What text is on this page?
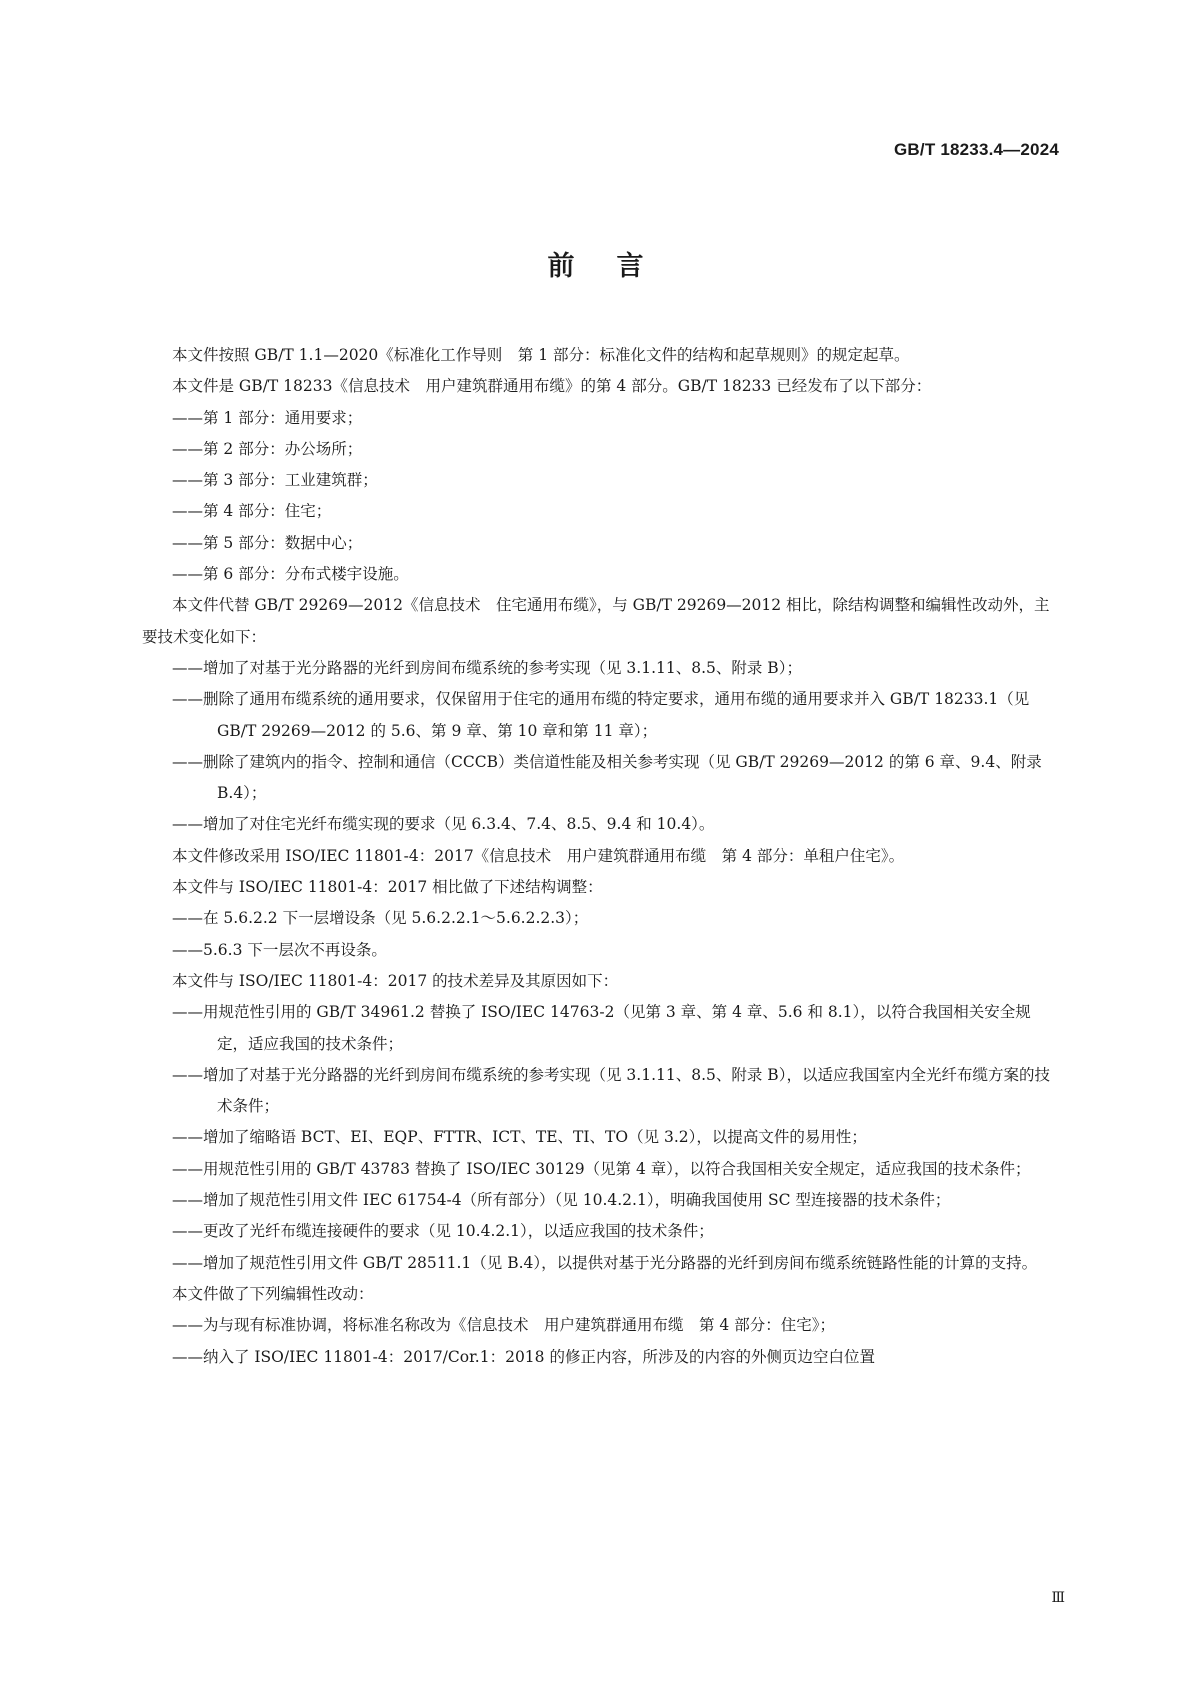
GB/T 18233.4—2024
前言
本文件按照 GB/T 1.1—2020《标准化工作导则　第 1 部分：标准化文件的结构和起草规则》的规定起草。
本文件是 GB/T 18233《信息技术　用户建筑群通用布缆》的第 4 部分。GB/T 18233 已经发布了以下部分：
——第 1 部分：通用要求；
——第 2 部分：办公场所；
——第 3 部分：工业建筑群；
——第 4 部分：住宅；
——第 5 部分：数据中心；
——第 6 部分：分布式楼宇设施。
本文件代替 GB/T 29269—2012《信息技术　住宅通用布缆》，与 GB/T 29269—2012 相比，除结构调整和编辑性改动外，主要技术变化如下：
——增加了对基于光分路器的光纤到房间布缆系统的参考实现（见 3.1.11、8.5、附录 B）；
——删除了通用布缆系统的通用要求，仅保留用于住宅的通用布缆的特定要求，通用布缆的通用要求并入 GB/T 18233.1（见 GB/T 29269—2012 的 5.6、第 9 章、第 10 章和第 11 章）；
——删除了建筑内的指令、控制和通信（CCCB）类信道性能及相关参考实现（见 GB/T 29269—2012 的第 6 章、9.4、附录 B.4）；
——增加了对住宅光纤布缆实现的要求（见 6.3.4、7.4、8.5、9.4 和 10.4）。
本文件修改采用 ISO/IEC 11801-4：2017《信息技术　用户建筑群通用布缆　第 4 部分：单租户住宅》。
本文件与 ISO/IEC 11801-4：2017 相比做了下述结构调整：
——在 5.6.2.2 下一层增设条（见 5.6.2.2.1～5.6.2.2.3）；
——5.6.3 下一层次不再设条。
本文件与 ISO/IEC 11801-4：2017 的技术差异及其原因如下：
——用规范性引用的 GB/T 34961.2 替换了 ISO/IEC 14763-2（见第 3 章、第 4 章、5.6 和 8.1），以符合我国相关安全规定，适应我国的技术条件；
——增加了对基于光分路器的光纤到房间布缆系统的参考实现（见 3.1.11、8.5、附录 B），以适应我国室内全光纤布缆方案的技术条件；
——增加了缩略语 BCT、EI、EQP、FTTR、ICT、TE、TI、TO（见 3.2），以提高文件的易用性；
——用规范性引用的 GB/T 43783 替换了 ISO/IEC 30129（见第 4 章），以符合我国相关安全规定，适应我国的技术条件；
——增加了规范性引用文件 IEC 61754-4（所有部分）（见 10.4.2.1），明确我国使用 SC 型连接器的技术条件；
——更改了光纤布缆连接硬件的要求（见 10.4.2.1），以适应我国的技术条件；
——增加了规范性引用文件 GB/T 28511.1（见 B.4），以提供对基于光分路器的光纤到房间布缆系统链路性能的计算的支持。
本文件做了下列编辑性改动：
——为与现有标准协调，将标准名称改为《信息技术　用户建筑群通用布缆　第 4 部分：住宅》；
——纳入了 ISO/IEC 11801-4：2017/Cor.1：2018 的修正内容，所涉及的内容的外侧页边空白位置
Ⅲ
